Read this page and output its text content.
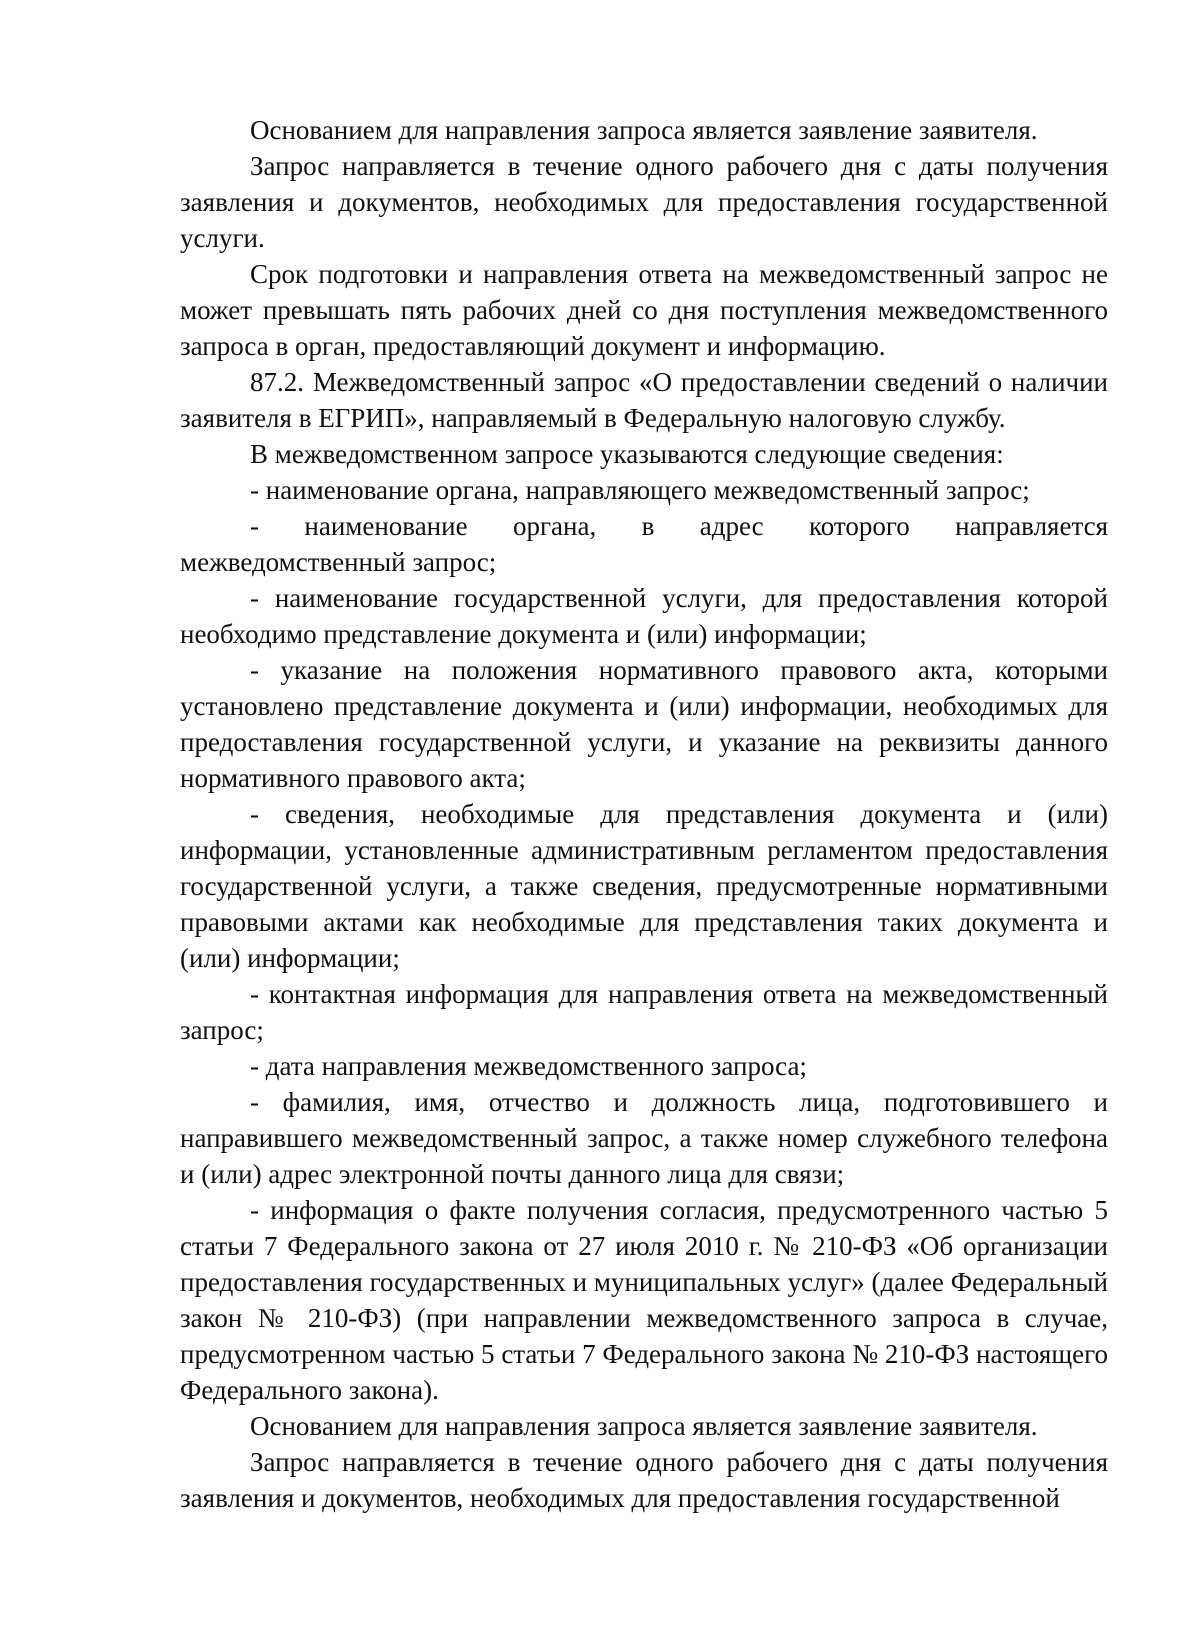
Основанием для направления запроса является заявление заявителя.

Запрос направляется в течение одного рабочего дня с даты получения заявления и документов, необходимых для предоставления государственной услуги.

Срок подготовки и направления ответа на межведомственный запрос не может превышать пять рабочих дней со дня поступления межведомственного запроса в орган, предоставляющий документ и информацию.

87.2. Межведомственный запрос «О предоставлении сведений о наличии заявителя в ЕГРИП», направляемый в Федеральную налоговую службу.

В межведомственном запросе указываются следующие сведения:

- наименование органа, направляющего межведомственный запрос;

- наименование органа, в адрес которого направляется межведомственный запрос;

- наименование государственной услуги, для предоставления которой необходимо представление документа и (или) информации;

- указание на положения нормативного правового акта, которыми установлено представление документа и (или) информации, необходимых для предоставления государственной услуги, и указание на реквизиты данного нормативного правового акта;

- сведения, необходимые для представления документа и (или) информации, установленные административным регламентом предоставления государственной услуги, а также сведения, предусмотренные нормативными правовыми актами как необходимые для представления таких документа и (или) информации;

- контактная информация для направления ответа на межведомственный запрос;

- дата направления межведомственного запроса;

- фамилия, имя, отчество и должность лица, подготовившего и направившего межведомственный запрос, а также номер служебного телефона и (или) адрес электронной почты данного лица для связи;

- информация о факте получения согласия, предусмотренного частью 5 статьи 7 Федерального закона от 27 июля 2010 г. № 210-ФЗ «Об организации предоставления государственных и муниципальных услуг» (далее Федеральный закон № 210-ФЗ) (при направлении межведомственного запроса в случае, предусмотренном частью 5 статьи 7 Федерального закона № 210-ФЗ настоящего Федерального закона).

Основанием для направления запроса является заявление заявителя.

Запрос направляется в течение одного рабочего дня с даты получения заявления и документов, необходимых для предоставления государственной
